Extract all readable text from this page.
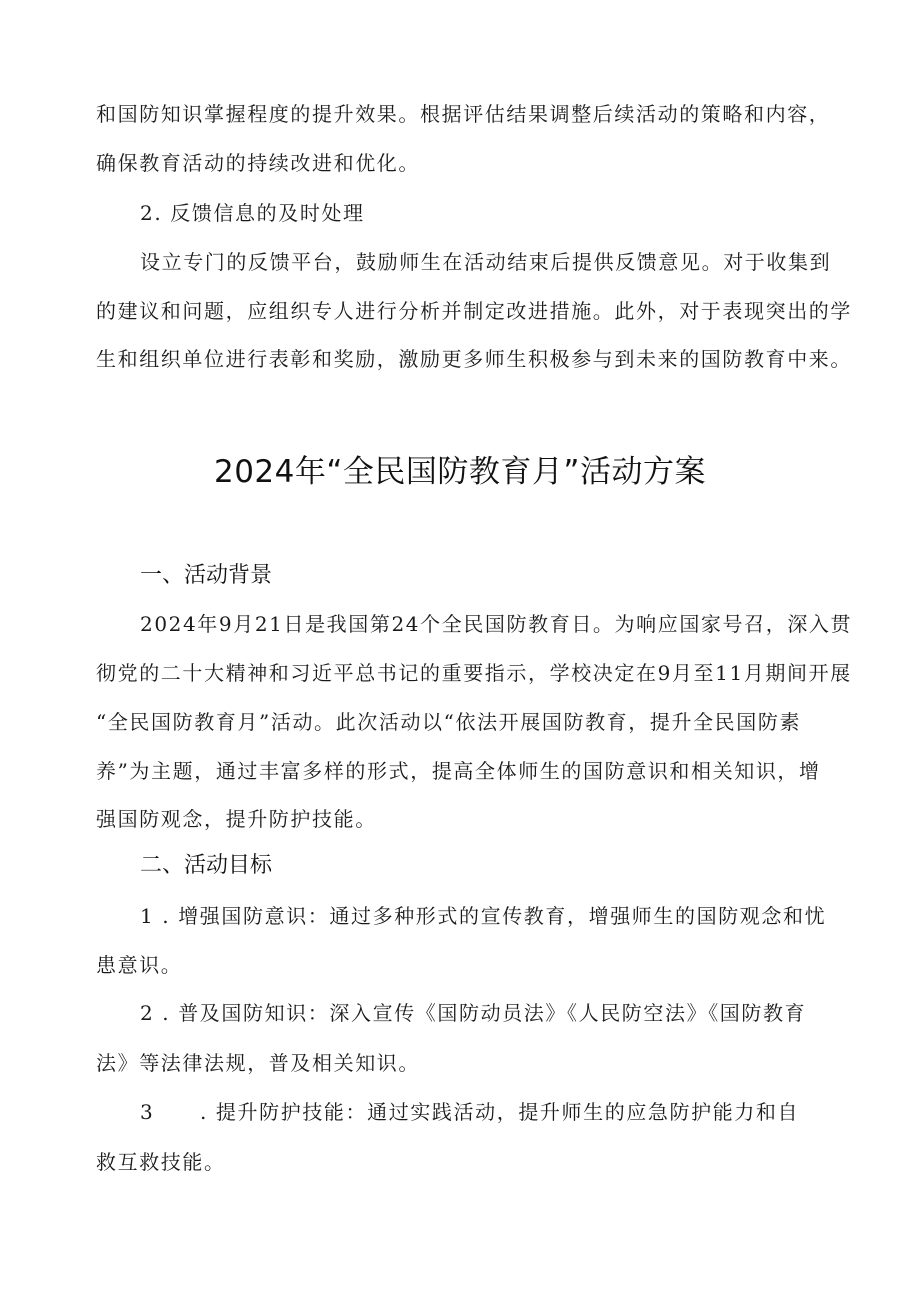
和国防知识掌握程度的提升效果。根据评估结果调整后续活动的策略和内容，
确保教育活动的持续改进和优化。
2. 反馈信息的及时处理
设立专门的反馈平台，鼓励师生在活动结束后提供反馈意见。对于收集到
的建议和问题，应组织专人进行分析并制定改进措施。此外，对于表现突出的学
生和组织单位进行表彰和奖励，激励更多师生积极参与到未来的国防教育中来。
2024年“全民国防教育月”活动方案
一、活动背景
2024年9月21日是我国第24个全民国防教育日。为响应国家号召，深入贯
彻党的二十大精神和习近平总书记的重要指示，学校决定在9月至11月期间开展
“全民国防教育月”活动。此次活动以“依法开展国防教育，提升全民国防素
养”为主题，通过丰富多样的形式，提高全体师生的国防意识和相关知识，增
强国防观念，提升防护技能。
二、活动目标
1 . 增强国防意识：通过多种形式的宣传教育，增强师生的国防观念和忧
患意识。
2 . 普及国防知识：深入宣传《国防动员法》《人民防空法》《国防教育
法》等法律法规，普及相关知识。
3 . 提升防护技能：通过实践活动，提升师生的应急防护能力和自
救互救技能。
